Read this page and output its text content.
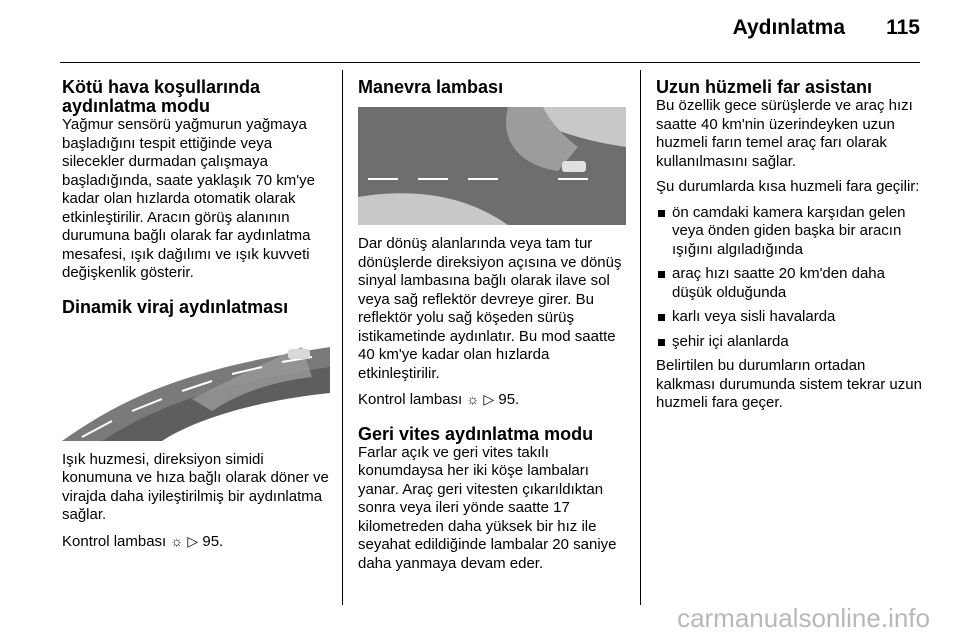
Aydınlatma 115
Kötü hava koşullarında aydınlatma modu

Yağmur sensörü yağmurun yağmaya başladığını tespit ettiğinde veya silecekler durmadan çalışmaya başladığında, saate yaklaşık 70 km'ye kadar olan hızlarda otomatik olarak etkinleştirilir. Aracın görüş alanının durumuna bağlı olarak far aydınlatma mesafesi, ışık dağılımı ve ışık kuvveti değişkenlik gösterir.

Dinamik viraj aydınlatması

Işık huzmesi, direksiyon simidi konumuna ve hıza bağlı olarak döner ve virajda daha iyileştirilmiş bir aydınlatma sağlar.

Kontrol lambası ☼ ▷ 95.

Manevra lambası

Dar dönüş alanlarında veya tam tur dönüşlerde direksiyon açısına ve dönüş sinyal lambasına bağlı olarak ilave sol veya sağ reflektör devreye girer. Bu reflektör yolu sağ köşeden sürüş istikametinde aydınlatır. Bu mod saatte 40 km'ye kadar olan hızlarda etkinleştirilir.

Kontrol lambası ☼ ▷ 95.

Geri vites aydınlatma modu

Farlar açık ve geri vites takılı konumdaysa her iki köşe lambaları yanar. Araç geri vitesten çıkarıldıktan sonra veya ileri yönde saatte 17 kilometreden daha yüksek bir hız ile seyahat edildiğinde lambalar 20 saniye daha yanmaya devam eder.

Uzun hüzmeli far asistanı

Bu özellik gece sürüşlerde ve araç hızı saatte 40 km'nin üzerindeyken uzun huzmeli farın temel araç farı olarak kullanılmasını sağlar.

Şu durumlarda kısa huzmeli fara geçilir:

ön camdaki kamera karşıdan gelen veya önden giden başka bir aracın ışığını algıladığında
araç hızı saatte 20 km'den daha düşük olduğunda
karlı veya sisli havalarda
şehir içi alanlarda

Belirtilen bu durumların ortadan kalkması durumunda sistem tekrar uzun huzmeli fara geçer.

carmanualsonline.info
